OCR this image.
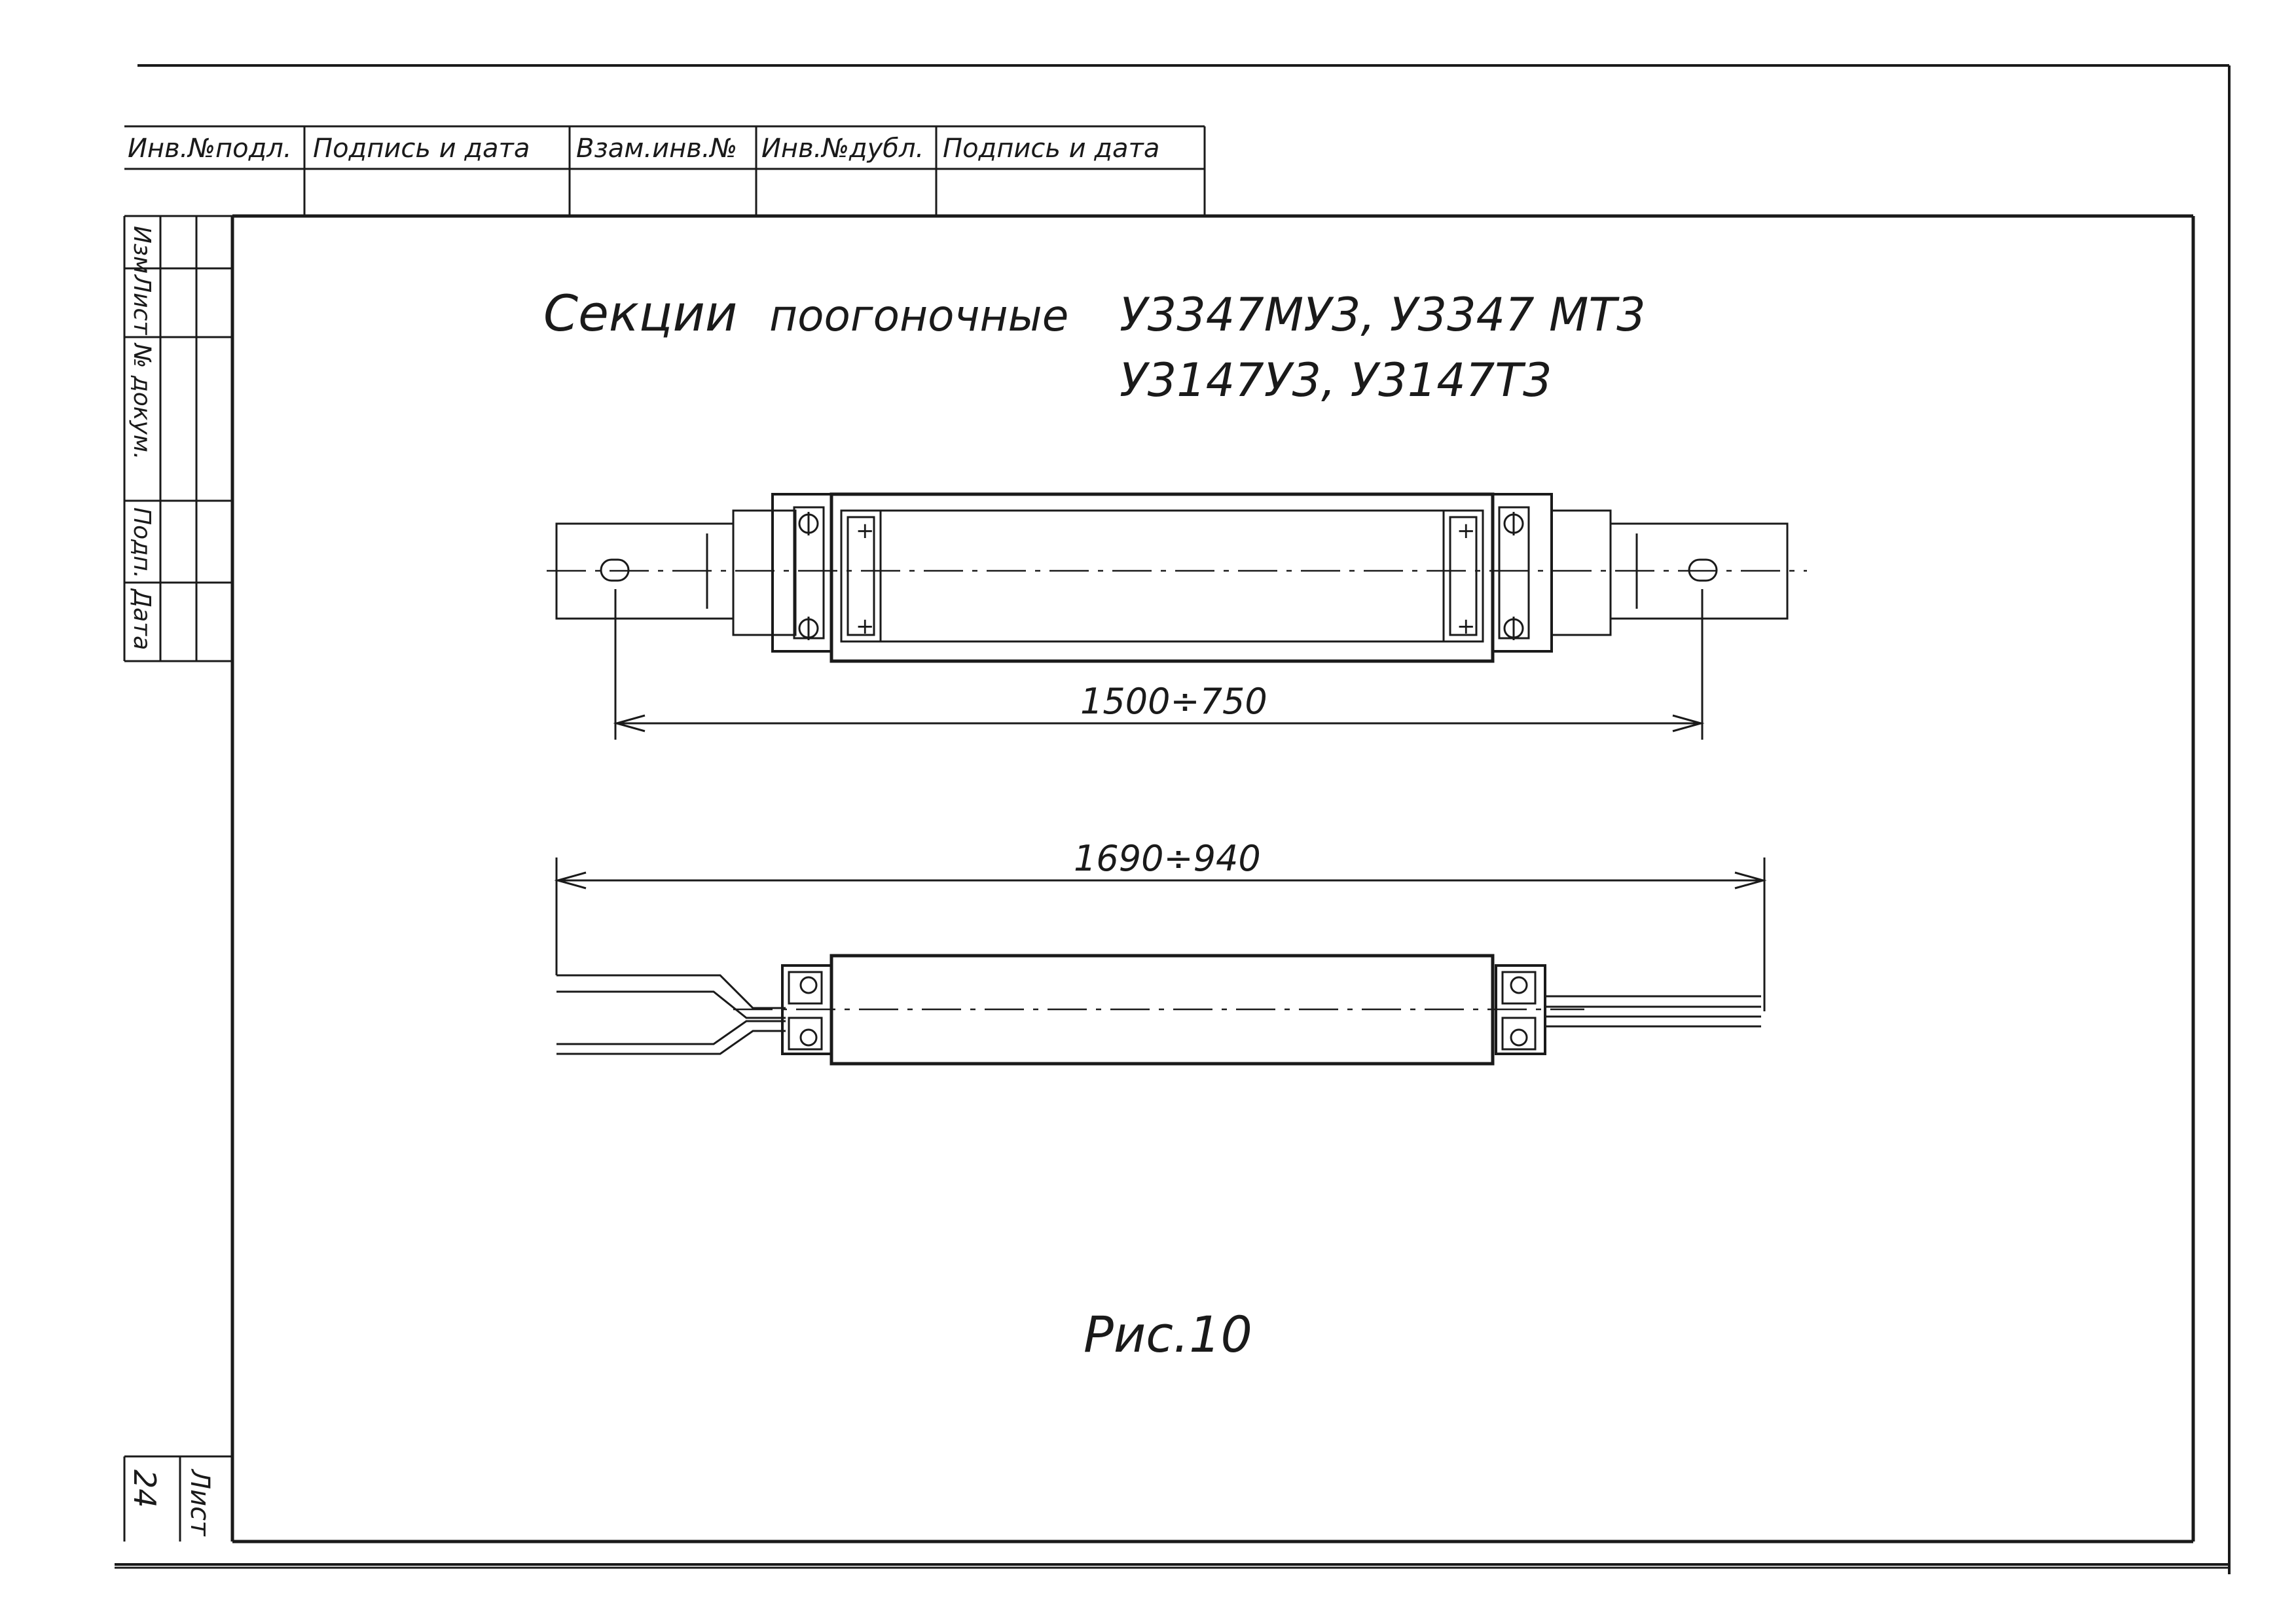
Инв.№подл. Подпись и дата Взам.инв.№ Инв.№дубл. Подпись и дата
Изм
Лист
№ докум.
Подп.
Дата
24 Лист
Секции поогоночные У3347МУ3, У3347 МТ3
У3147У3, У3147Т3
+
+
+
+
1500÷750
1690÷940
Рис.10
